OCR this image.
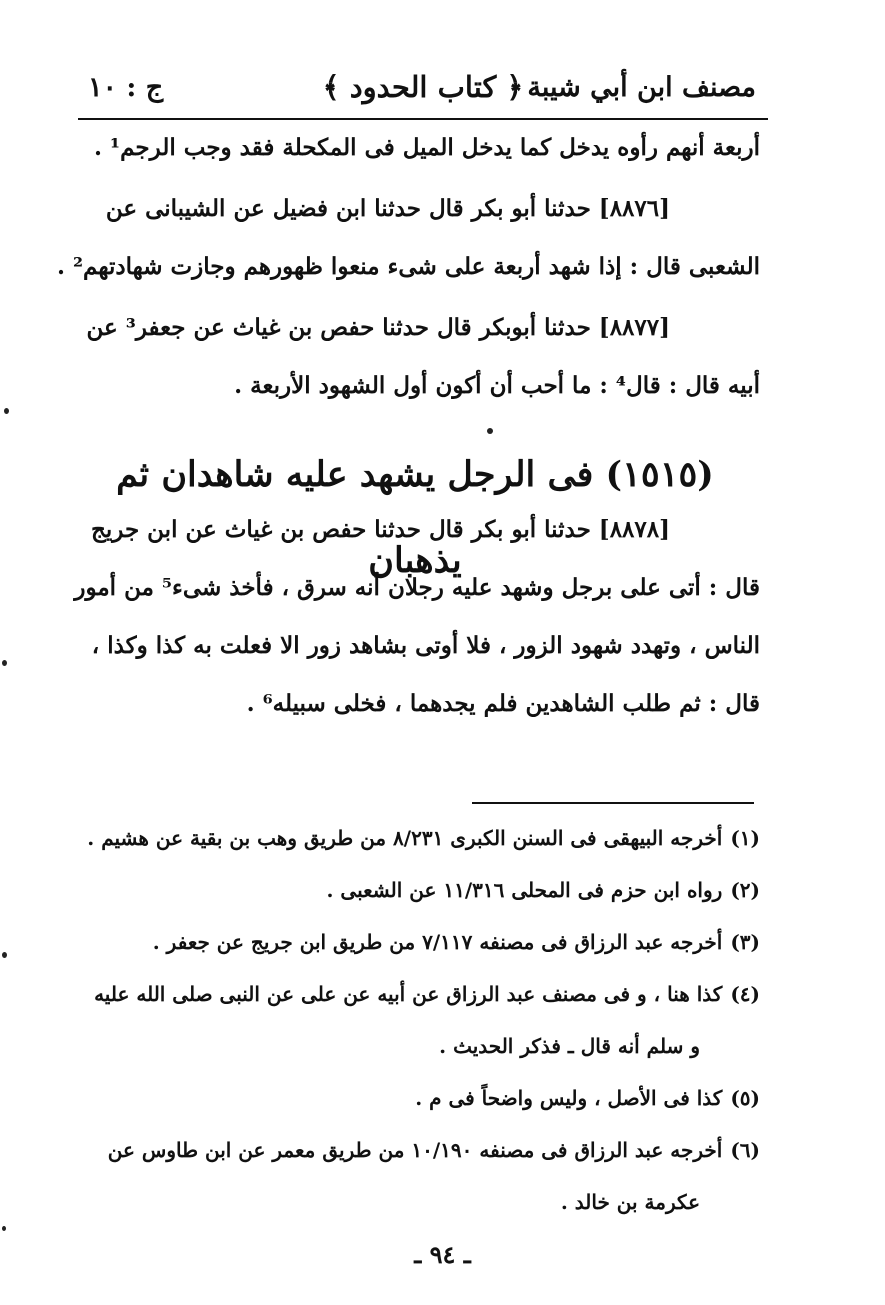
مصنف ابن أبي شيبة
﴿ كتاب الحدود ﴾
ج : ١٠
أربعة أنهم رأوه يدخل كما يدخل الميل فى المكحلة فقد وجب الرجم¹ .
[٨٨٧٦] حدثنا أبو بكر قال حدثنا ابن فضيل عن الشيبانى عن
الشعبى قال : إذا شهد أربعة على شىء منعوا ظهورهم وجازت شهادتهم² .
[٨٨٧٧] حدثنا أبوبكر قال حدثنا حفص بن غياث عن جعفر³ عن
أبيه قال : قال⁴ : ما أحب أن أكون أول الشهود الأربعة .
(١٥١٥) فى الرجل يشهد عليه شاهدان ثم يذهبان
[٨٨٧٨] حدثنا أبو بكر قال حدثنا حفص بن غياث عن ابن جريج
قال : أتى على برجل وشهد عليه رجلان أنه سرق ، فأخذ شىء⁵ من أمور
الناس ، وتهدد شهود الزور ، فلا أوتى بشاهد زور الا فعلت به كذا وكذا ،
قال : ثم طلب الشاهدين فلم يجدهما ، فخلى سبيله⁶ .
(١)أخرجه البيهقى فى السنن الكبرى ٨/٢٣١ من طريق وهب بن بقية عن هشيم .
(٢)رواه ابن حزم فى المحلى ١١/٣١٦ عن الشعبى .
(٣)أخرجه عبد الرزاق فى مصنفه ٧/١١٧ من طريق ابن جريج عن جعفر .
(٤)كذا هنا ، و فى مصنف عبد الرزاق عن أبيه عن على عن النبى صلى الله عليه
و سلم أنه قال ـ فذكر الحديث .
(٥)كذا فى الأصل ، وليس واضحاً فى م .
(٦)أخرجه عبد الرزاق فى مصنفه ١٠/١٩٠ من طريق معمر عن ابن طاوس عن
عكرمة بن خالد .
ـ ٩٤ ـ
